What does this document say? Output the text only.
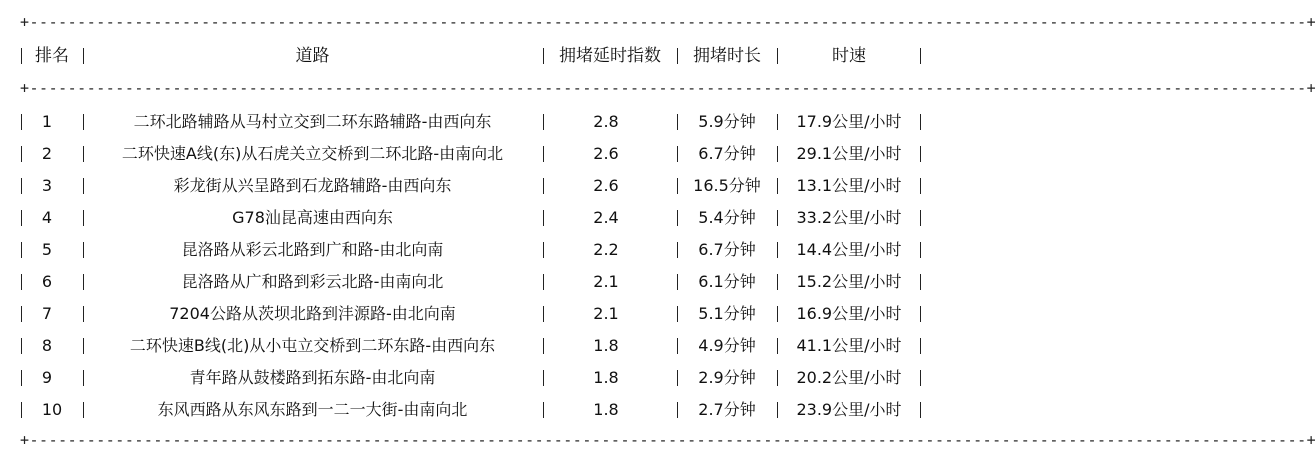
+--------------------------------------------------------------------------------------------------------------------------------------+
排名	道路	拥堵延时指数	拥堵时长	时速
+--------------------------------------------------------------------------------------------------------------------------------------+
1	二环北路辅路从马村立交到二环东路辅路-由西向东	2.8	5.9分钟	17.9公里/小时
2	二环快速A线(东)从石虎关立交桥到二环北路-由南向北	2.6	6.7分钟	29.1公里/小时
3	彩龙街从兴呈路到石龙路辅路-由西向东	2.6	16.5分钟	13.1公里/小时
4	G78汕昆高速由西向东	2.4	5.4分钟	33.2公里/小时
5	昆洛路从彩云北路到广和路-由北向南	2.2	6.7分钟	14.4公里/小时
6	昆洛路从广和路到彩云北路-由南向北	2.1	6.1分钟	15.2公里/小时
7	7204公路从茨坝北路到沣源路-由北向南	2.1	5.1分钟	16.9公里/小时
8	二环快速B线(北)从小屯立交桥到二环东路-由西向东	1.8	4.9分钟	41.1公里/小时
9	青年路从鼓楼路到拓东路-由北向南	1.8	2.9分钟	20.2公里/小时
10	东风西路从东风东路到一二一大街-由南向北	1.8	2.7分钟	23.9公里/小时
+--------------------------------------------------------------------------------------------------------------------------------------+
